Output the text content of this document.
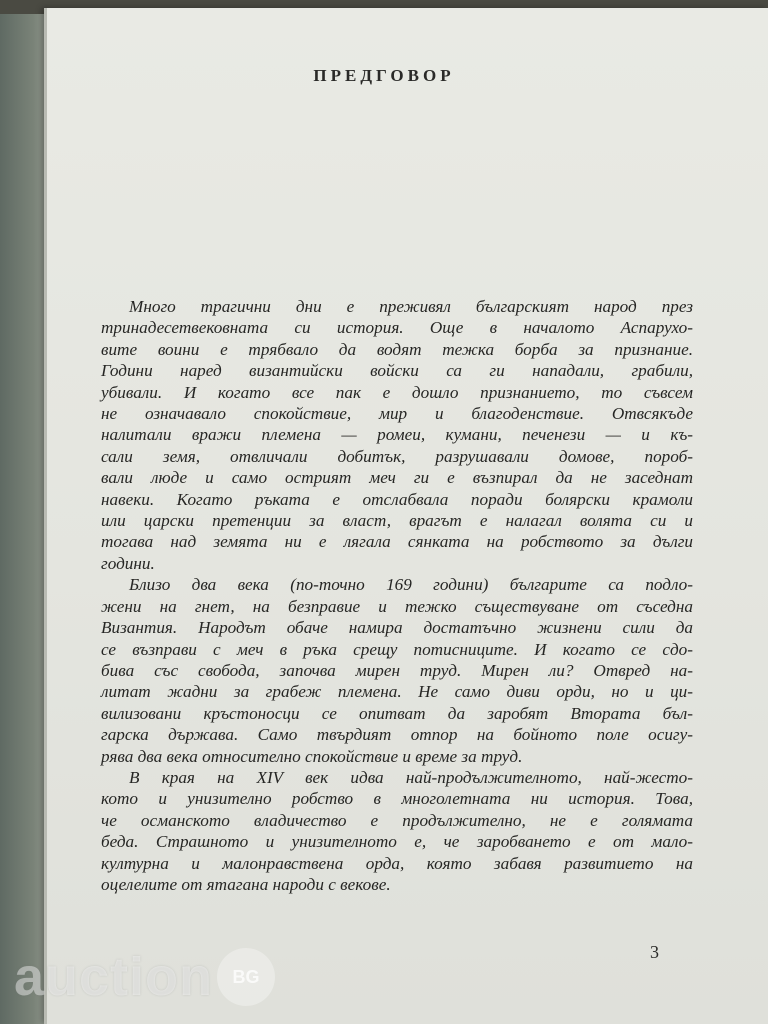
ПРЕДГОВОР
Много трагични дни е преживял българският народ през
тринадесетвековната си история. Още в началото Аспарухо-
вите воини е трябвало да водят тежка борба за признание.
Години наред византийски войски са ги нападали, грабили,
убивали. И когато все пак е дошло признанието, то съвсем
не означавало спокойствие, мир и благоденствие. Отвсякъде
налитали вражи племена — ромеи, кумани, печенези — и къ-
сали земя, отвличали добитък, разрушавали домове, пороб-
вали люде и само острият меч ги е възпирал да не заседнат
навеки. Когато ръката е отслабвала поради болярски крамоли
или царски претенции за власт, врагът е налагал волята си и
тогава над земята ни е лягала сянката на робството за дълги
години.
Близо два века (по-точно 169 години) българите са подло-
жени на гнет, на безправие и тежко съществуване от съседна
Византия. Народът обаче намира достатъчно жизнени сили да
се възправи с меч в ръка срещу потисниците. И когато се сдо-
бива със свобода, започва мирен труд. Мирен ли? Отвред на-
литат жадни за грабеж племена. Не само диви орди, но и ци-
вилизовани кръстоносци се опитват да заробят Втората бъл-
гарска държава. Само твърдият отпор на бойното поле осигу-
рява два века относително спокойствие и време за труд.
В края на XIV век идва най-продължителното, най-жесто-
кото и унизително робство в многолетната ни история. Това,
че османското владичество е продължително, не е голямата
беда. Страшното и унизителното е, че заробването е от мало-
културна и малонравствена орда, която забавя развитието на
оцелелите от ятагана народи с векове.
3
auction	BG
